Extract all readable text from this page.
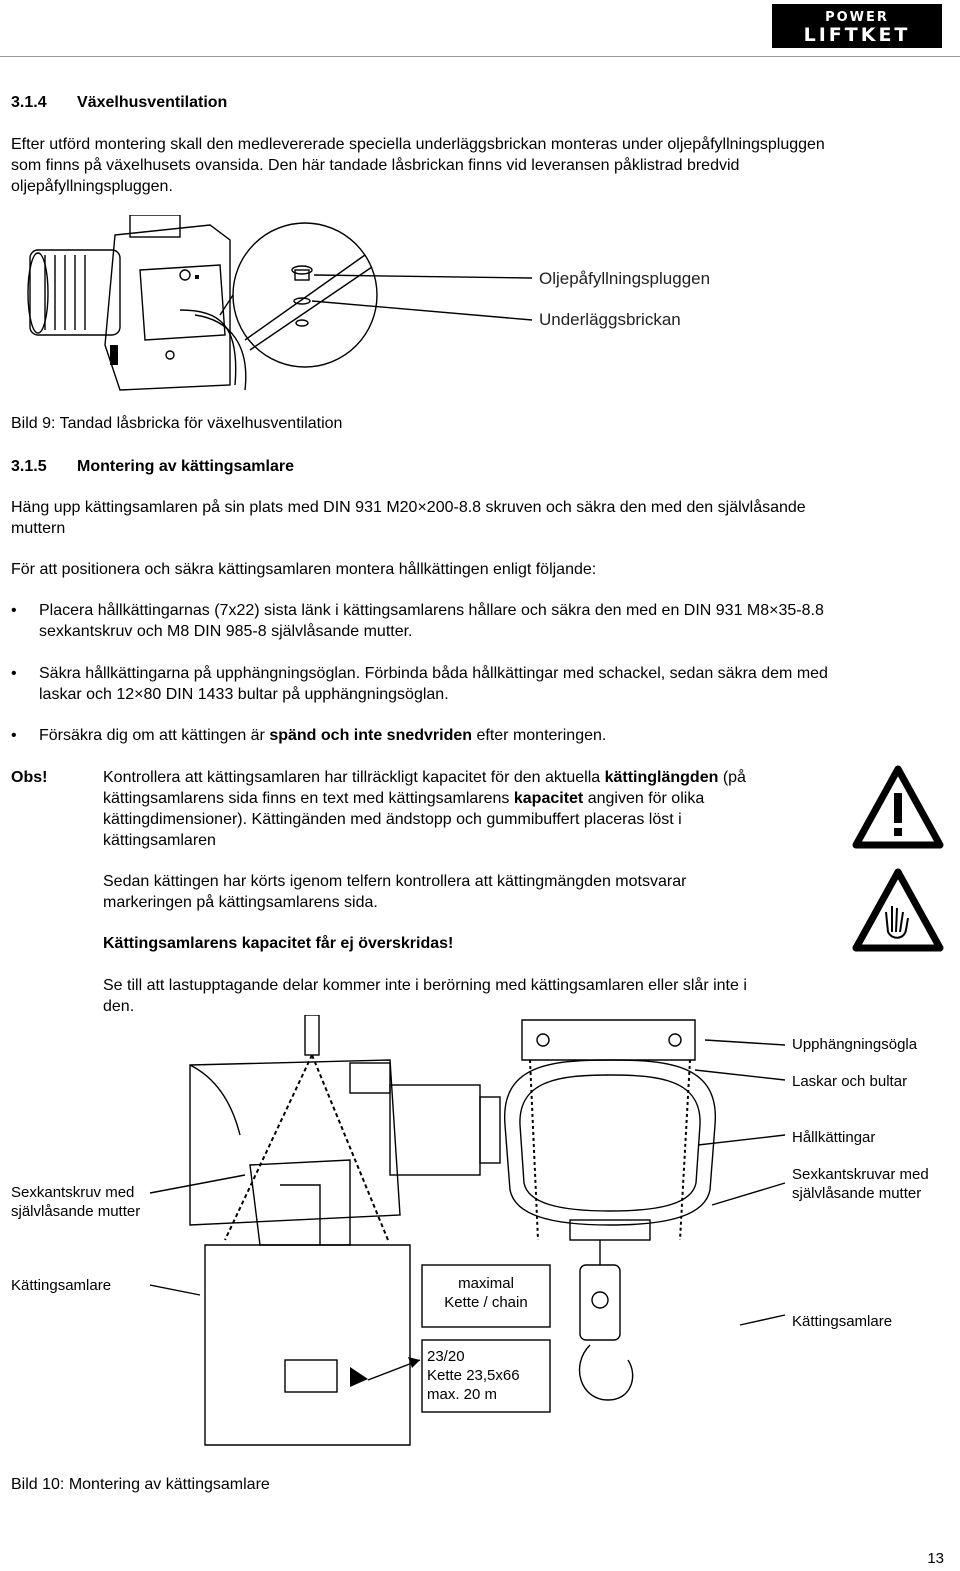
POWER
LIFTKET
3.1.4 Växelhusventilation
Efter utförd montering skall den medlevererade speciella underläggsbrickan monteras under oljepåfyllningspluggen
som finns på växelhusets ovansida. Den här tandade låsbrickan finns vid leveransen påklistrad bredvid
oljepåfyllningspluggen.
Oljepåfyllningspluggen
Underläggsbrickan
Bild 9: Tandad låsbricka för växelhusventilation
3.1.5 Montering av kättingsamlare
Häng upp kättingsamlaren på sin plats med DIN 931 M20×200-8.8 skruven och säkra den med den självlåsande
muttern
För att positionera och säkra kättingsamlaren montera hållkättingen enligt följande:
• Placera hållkättingarnas (7x22) sista länk i kättingsamlarens hållare och säkra den med en DIN 931 M8×35-8.8
sexkantskruv och M8 DIN 985-8 självlåsande mutter.
• Säkra hållkättingarna på upphängningsöglan. Förbinda båda hållkättingar med schackel, sedan säkra dem med
laskar och 12×80 DIN 1433 bultar på upphängningsöglan.
• Försäkra dig om att kättingen är spänd och inte snedvriden efter monteringen.
Obs!	Kontrollera att kättingsamlaren har tillräckligt kapacitet för den aktuella kättinglängden (på
kättingsamlarens sida finns en text med kättingsamlarens kapacitet angiven för olika
kättingdimensioner). Kättingänden med ändstopp och gummibuffert placeras löst i
kättingsamlaren
Sedan kättingen har körts igenom telfern kontrollera att kättingmängden motsvarar
markeringen på kättingsamlarens sida.
Kättingsamlarens kapacitet får ej överskridas!
Se till att lastupptagande delar kommer inte i berörning med kättingsamlaren eller slår inte i
den.
Upphängningsögla
Laskar och bultar
Hållkättingar
Sexkantskruvar med
självlåsande mutter
Sexkantskruv med
självlåsande mutter
Kättingsamlare
Kättingsamlare
maximal
Kette / chain
23/20
Kette 23,5x66
max. 20 m
Bild 10: Montering av kättingsamlare
13
